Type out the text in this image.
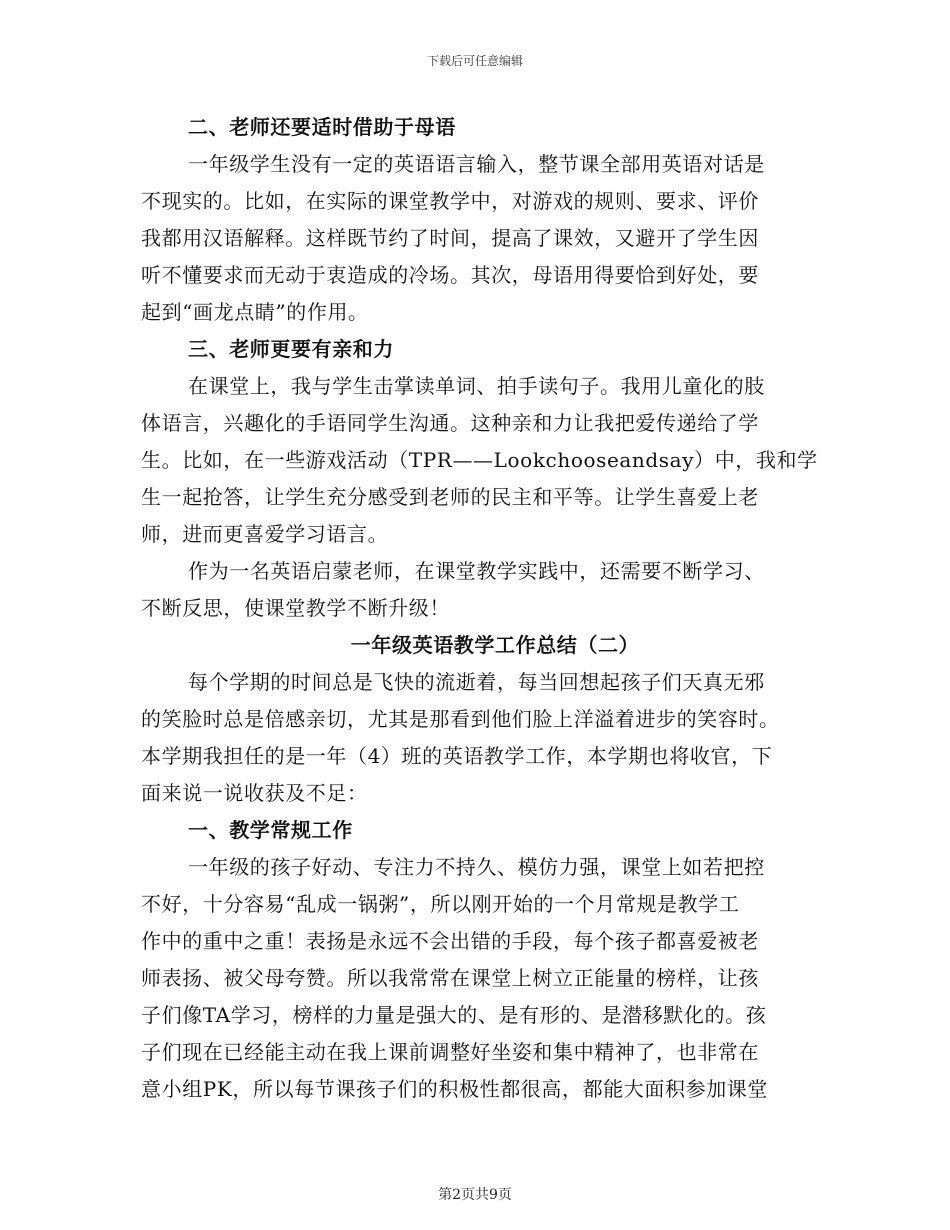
下载后可任意编辑
二、老师还要适时借助于母语
一年级学生没有一定的英语语言输入，整节课全部用英语对话是
不现实的。比如，在实际的课堂教学中，对游戏的规则、要求、评价
我都用汉语解释。这样既节约了时间，提高了课效，又避开了学生因
听不懂要求而无动于衷造成的冷场。其次，母语用得要恰到好处，要
起到“画龙点睛”的作用。
三、老师更要有亲和力
在课堂上，我与学生击掌读单词、拍手读句子。我用儿童化的肢
体语言，兴趣化的手语同学生沟通。这种亲和力让我把爱传递给了学
生。比如，在一些游戏活动（TPR——Lookchooseandsay）中，我和学
生一起抢答，让学生充分感受到老师的民主和平等。让学生喜爱上老
师，进而更喜爱学习语言。
作为一名英语启蒙老师，在课堂教学实践中，还需要不断学习、
不断反思，使课堂教学不断升级！
一年级英语教学工作总结（二）
每个学期的时间总是飞快的流逝着，每当回想起孩子们天真无邪
的笑脸时总是倍感亲切，尤其是那看到他们脸上洋溢着进步的笑容时。
本学期我担任的是一年（4）班的英语教学工作，本学期也将收官，下
面来说一说收获及不足：
一、教学常规工作
一年级的孩子好动、专注力不持久、模仿力强，课堂上如若把控
不好，十分容易“乱成一锅粥”，所以刚开始的一个月常规是教学工
作中的重中之重！表扬是永远不会出错的手段，每个孩子都喜爱被老
师表扬、被父母夸赞。所以我常常在课堂上树立正能量的榜样，让孩
子们像TA学习，榜样的力量是强大的、是有形的、是潜移默化的。孩
子们现在已经能主动在我上课前调整好坐姿和集中精神了，也非常在
意小组PK，所以每节课孩子们的积极性都很高，都能大面积参加课堂
第2页共9页
